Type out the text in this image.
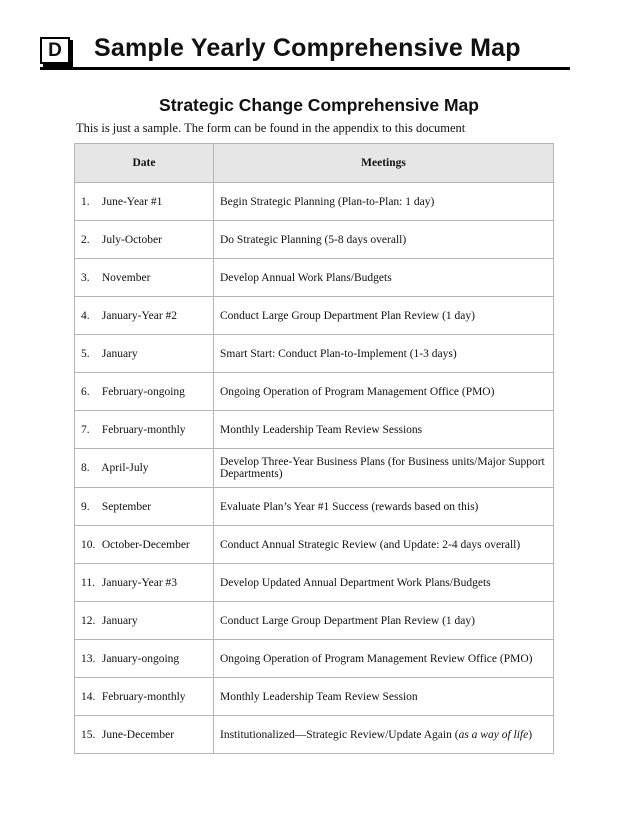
D	Sample Yearly Comprehensive Map
Strategic Change Comprehensive Map
This is just a sample. The form can be found in the appendix to this document
Date	Meetings
1. June-Year #1	Begin Strategic Planning (Plan-to-Plan: 1 day)
2. July-October	Do Strategic Planning (5-8 days overall)
3. November	Develop Annual Work Plans/Budgets
4. January-Year #2	Conduct Large Group Department Plan Review (1 day)
5. January	Smart Start: Conduct Plan-to-Implement (1-3 days)
6. February-ongoing	Ongoing Operation of Program Management Office (PMO)
7. February-monthly	Monthly Leadership Team Review Sessions
8. April-July	Develop Three-Year Business Plans (for Business units/Major Support Departments)
9. September	Evaluate Plan’s Year #1 Success (rewards based on this)
10. October-December	Conduct Annual Strategic Review (and Update: 2-4 days overall)
11. January-Year #3	Develop Updated Annual Department Work Plans/Budgets
12. January	Conduct Large Group Department Plan Review (1 day)
13. January-ongoing	Ongoing Operation of Program Management Review Office (PMO)
14. February-monthly	Monthly Leadership Team Review Session
15. June-December	Institutionalized—Strategic Review/Update Again (as a way of life)
